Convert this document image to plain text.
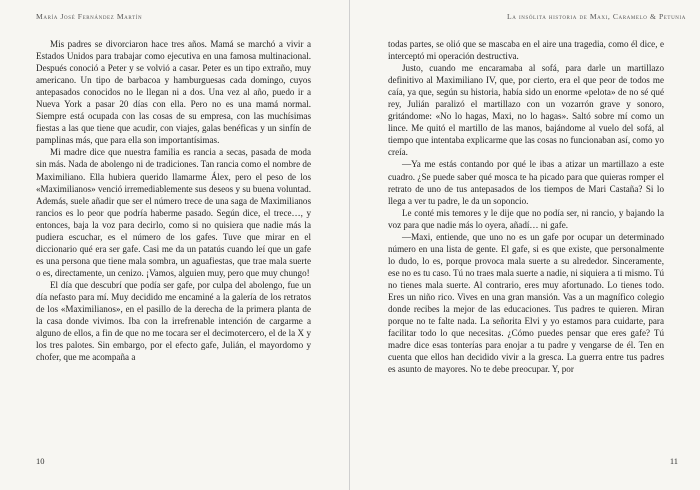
María José Fernández Martín

Mis padres se divorciaron hace tres años. Mamá se marchó a vivir a Estados Unidos para trabajar como ejecutiva en una famosa multinacional. Después conoció a Peter y se volvió a casar. Peter es un tipo extraño, muy americano. Un tipo de barbacoa y hamburguesas cada domingo, cuyos antepasados conocidos no le llegan ni a dos. Una vez al año, puedo ir a Nueva York a pasar 20 días con ella. Pero no es una mamá normal. Siempre está ocupada con las cosas de su empresa, con las muchísimas fiestas a las que tiene que acudir, con viajes, galas benéficas y un sinfín de pamplinas más, que para ella son importantísimas.

Mi madre dice que nuestra familia es rancia a secas, pasada de moda sin más. Nada de abolengo ni de tradiciones. Tan rancia como el nombre de Maximiliano. Ella hubiera querido llamarme Álex, pero el peso de los «Maximilianos» venció irremediablemente sus deseos y su buena voluntad. Además, suele añadir que ser el número trece de una saga de Maximilianos rancios es lo peor que podría haberme pasado. Según dice, el trece…, y entonces, baja la voz para decirlo, como si no quisiera que nadie más la pudiera escuchar, es el número de los gafes. Tuve que mirar en el diccionario qué era ser gafe. Casi me da un patatús cuando leí que un gafe es una persona que tiene mala sombra, un aguafiestas, que trae mala suerte o es, directamente, un cenizo. ¡Vamos, alguien muy, pero que muy chungo!

El día que descubrí que podía ser gafe, por culpa del abolengo, fue un día nefasto para mí. Muy decidido me encaminé a la galería de los retratos de los «Maximilianos», en el pasillo de la derecha de la primera planta de la casa donde vivimos. Iba con la irrefrenable intención de cargarme a alguno de ellos, a fin de que no me tocara ser el decimotercero, el de la X y los tres palotes. Sin embargo, por el efecto gafe, Julián, el mayordomo y chofer, que me acompaña a

10
La insólita historia de Maxi, Caramelo & Petunia

todas partes, se olió que se mascaba en el aire una tragedia, como él dice, e interceptó mi operación destructiva.

Justo, cuando me encaramaba al sofá, para darle un martillazo definitivo al Maximiliano IV, que, por cierto, era el que peor de todos me caía, ya que, según su historia, había sido un enorme «pelota» de no sé qué rey, Julián paralizó el martillazo con un vozarrón grave y sonoro, gritándome: «No lo hagas, Maxi, no lo hagas». Saltó sobre mí como un lince. Me quitó el martillo de las manos, bajándome al vuelo del sofá, al tiempo que intentaba explicarme que las cosas no funcionaban así, como yo creía.

—Ya me estás contando por qué le ibas a atizar un martillazo a este cuadro. ¿Se puede saber qué mosca te ha picado para que quieras romper el retrato de uno de tus antepasados de los tiempos de Mari Castaña? Si lo llega a ver tu padre, le da un soponcio.

Le conté mis temores y le dije que no podía ser, ni rancio, y bajando la voz para que nadie más lo oyera, añadí… ni gafe.

—Maxi, entiende, que uno no es un gafe por ocupar un determinado número en una lista de gente. El gafe, si es que existe, que personalmente lo dudo, lo es, porque provoca mala suerte a su alrededor. Sinceramente, ese no es tu caso. Tú no traes mala suerte a nadie, ni siquiera a ti mismo. Tú no tienes mala suerte. Al contrario, eres muy afortunado. Lo tienes todo. Eres un niño rico. Vives en una gran mansión. Vas a un magnífico colegio donde recibes la mejor de las educaciones. Tus padres te quieren. Miran porque no te falte nada. La señorita Elvi y yo estamos para cuidarte, para facilitar todo lo que necesitas. ¿Cómo puedes pensar que eres gafe? Tú madre dice esas tonterías para enojar a tu padre y vengarse de él. Ten en cuenta que ellos han decidido vivir a la gresca. La guerra entre tus padres es asunto de mayores. No te debe preocupar. Y, por

11
